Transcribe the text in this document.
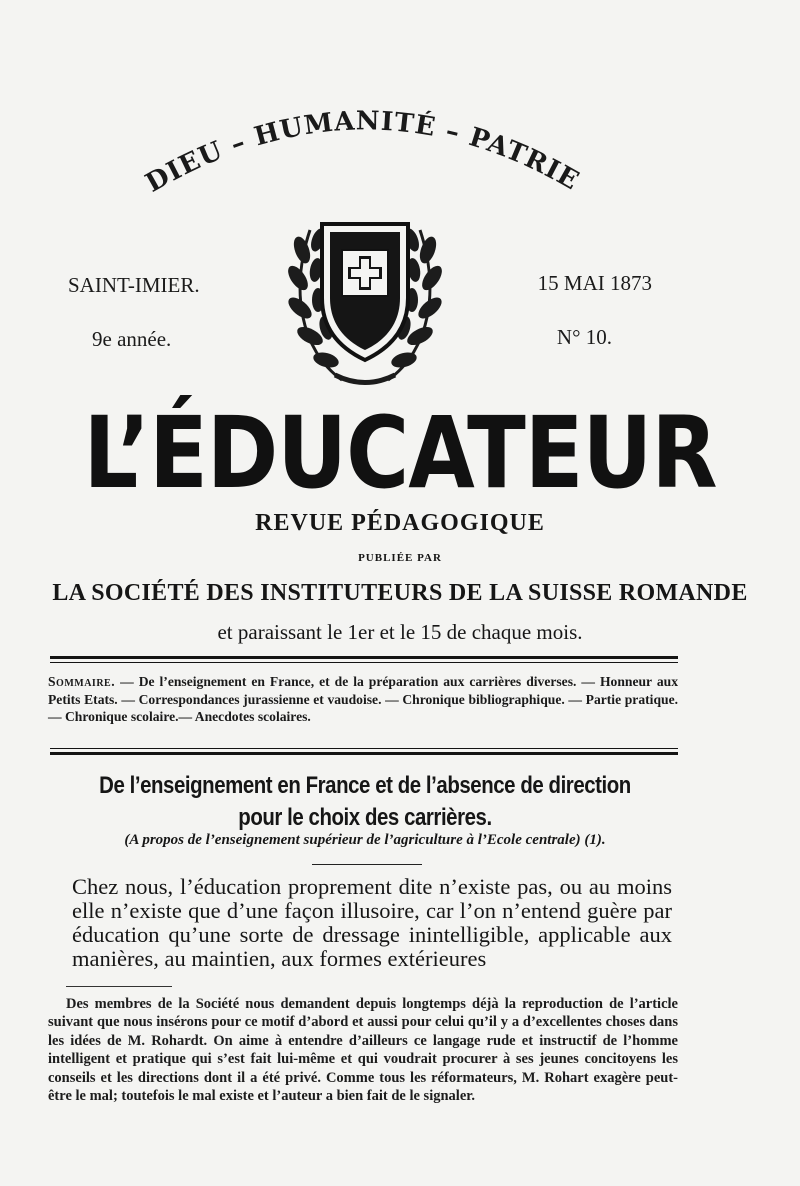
DIEU – HUMANITÉ – PATRIE
SAINT-IMIER.	15 MAI 1873
9e année.	N° 10.
L’ÉDUCATEUR
REVUE PÉDAGOGIQUE
PUBLIÉE PAR
LA SOCIÉTÉ DES INSTITUTEURS DE LA SUISSE ROMANDE
et paraissant le 1er et le 15 de chaque mois.
Sommaire. — De l’enseignement en France, et de la préparation aux carrières diverses. — Honneur aux Petits Etats. — Correspondances jurassienne et vaudoise. — Chronique bibliographique. — Partie pratique. — Chronique scolaire.— Anecdotes scolaires.
De l’enseignement en France et de l’absence de direction
pour le choix des carrières.
(A propos de l’enseignement supérieur de l’agriculture à l’Ecole centrale) (1).
Chez nous, l’éducation proprement dite n’existe pas, ou au moins elle n’existe que d’une façon illusoire, car l’on n’entend guère par éducation qu’une sorte de dressage inintelligible, applicable aux manières, au maintien, aux formes extérieures
Des membres de la Société nous demandent depuis longtemps déjà la reproduction de l’article suivant que nous insérons pour ce motif d’abord et aussi pour celui qu’il y a d’excellentes choses dans les idées de M. Rohardt. On aime à entendre d’ailleurs ce langage rude et instructif de l’homme intelligent et pratique qui s’est fait lui-même et qui voudrait procurer à ses jeunes concitoyens les conseils et les directions dont il a été privé. Comme tous les réformateurs, M. Rohart exagère peut-être le mal; toutefois le mal existe et l’auteur a bien fait de le signaler.
